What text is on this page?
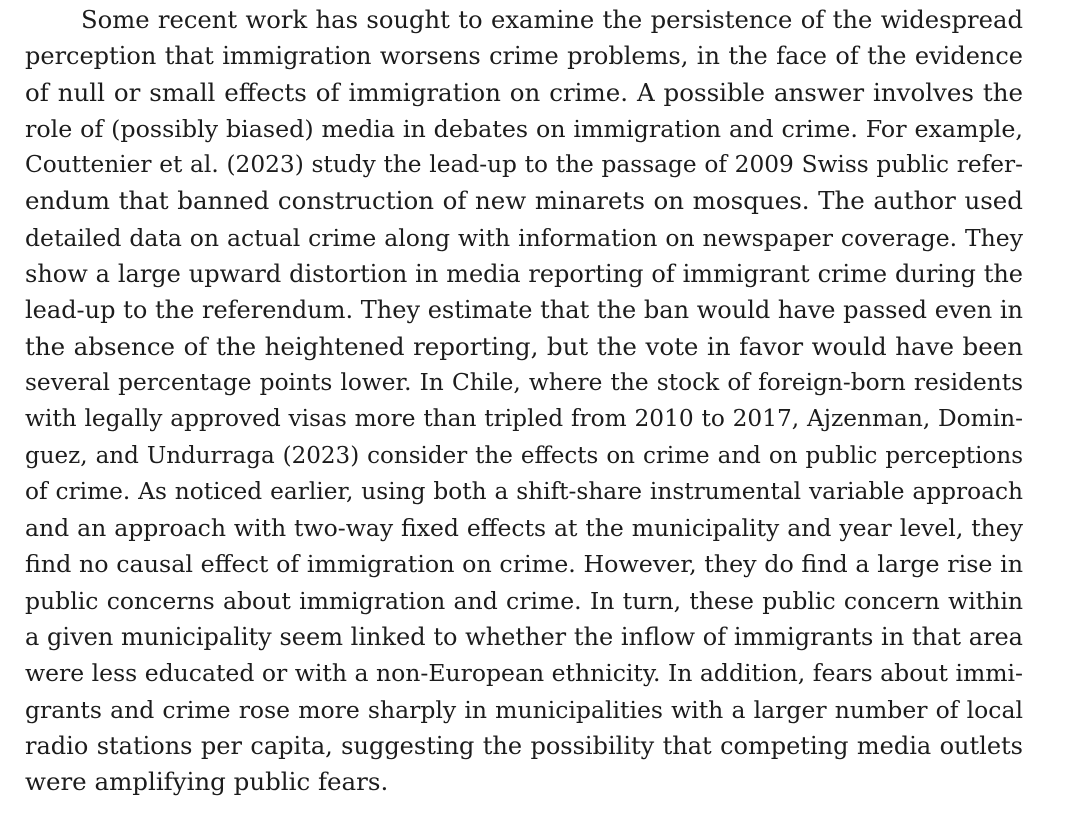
Some recent work has sought to examine the persistence of the widespread
perception that immigration worsens crime problems, in the face of the evidence
of null or small effects of immigration on crime. A possible answer involves the
role of (possibly biased) media in debates on immigration and crime. For example,
Couttenier et al. (2023) study the lead-up to the passage of 2009 Swiss public refer-
endum that banned construction of new minarets on mosques. The author used
detailed data on actual crime along with information on newspaper coverage. They
show a large upward distortion in media reporting of immigrant crime during the
lead-up to the referendum. They estimate that the ban would have passed even in
the absence of the heightened reporting, but the vote in favor would have been
several percentage points lower. In Chile, where the stock of foreign-born residents
with legally approved visas more than tripled from 2010 to 2017, Ajzenman, Domin-
guez, and Undurraga (2023) consider the effects on crime and on public perceptions
of crime. As noticed earlier, using both a shift-share instrumental variable approach
and an approach with two-way fixed effects at the municipality and year level, they
find no causal effect of immigration on crime. However, they do find a large rise in
public concerns about immigration and crime. In turn, these public concern within
a given municipality seem linked to whether the inflow of immigrants in that area
were less educated or with a non-European ethnicity. In addition, fears about immi-
grants and crime rose more sharply in municipalities with a larger number of local
radio stations per capita, suggesting the possibility that competing media outlets
were amplifying public fears.
